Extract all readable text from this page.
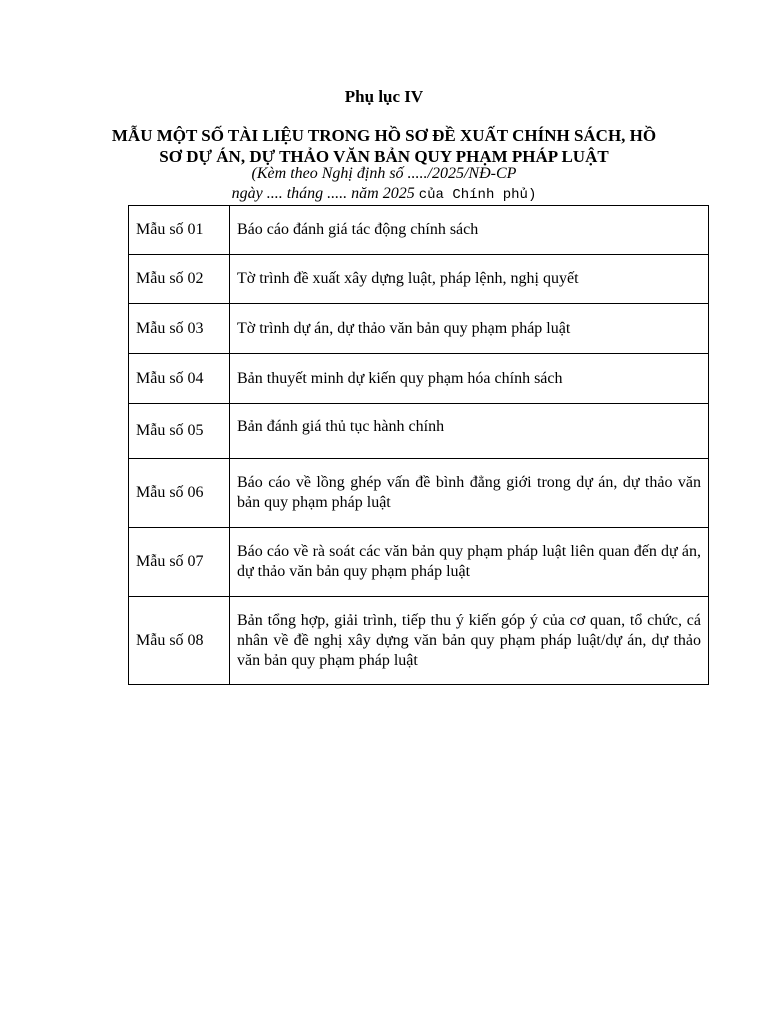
Phụ lục IV
MẪU MỘT SỐ TÀI LIỆU TRONG HỒ SƠ ĐỀ XUẤT CHÍNH SÁCH, HỒ
SƠ DỰ ÁN, DỰ THẢO VĂN BẢN QUY PHẠM PHÁP LUẬT
(Kèm theo Nghị định số ...../2025/NĐ-CP
ngày .... tháng ..... năm 2025 của Chính phủ)
Mẫu số 01	Báo cáo đánh giá tác động chính sách
Mẫu số 02	Tờ trình đề xuất xây dựng luật, pháp lệnh, nghị quyết
Mẫu số 03	Tờ trình dự án, dự thảo văn bản quy phạm pháp luật
Mẫu số 04	Bản thuyết minh dự kiến quy phạm hóa chính sách
Mẫu số 05	Bản đánh giá thủ tục hành chính
Mẫu số 06	Báo cáo về lồng ghép vấn đề bình đẳng giới trong dự án, dự thảo văn bản quy phạm pháp luật
Mẫu số 07	Báo cáo về rà soát các văn bản quy phạm pháp luật liên quan đến dự án, dự thảo văn bản quy phạm pháp luật
Mẫu số 08	Bản tổng hợp, giải trình, tiếp thu ý kiến góp ý của cơ quan, tổ chức, cá nhân về đề nghị xây dựng văn bản quy phạm pháp luật/dự án, dự thảo văn bản quy phạm pháp luật
